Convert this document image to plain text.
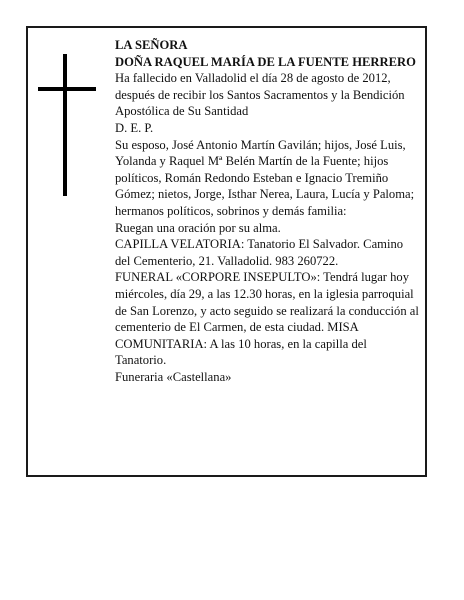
LA SEÑORA

DOÑA RAQUEL MARÍA DE LA FUENTE HERRERO

Ha fallecido en Valladolid el día 28 de agosto de 2012, después de recibir los Santos Sacramentos y la Bendición Apostólica de Su Santidad

D. E. P.

Su esposo, José Antonio Martín Gavilán; hijos, José Luis, Yolanda y Raquel Mª Belén Martín de la Fuente; hijos políticos, Román Redondo Esteban e Ignacio Tremiño Gómez; nietos, Jorge, Isthar Nerea, Laura, Lucía y Paloma; hermanos políticos, sobrinos y demás familia:

Ruegan una oración por su alma.

CAPILLA VELATORIA: Tanatorio El Salvador. Camino del Cementerio, 21. Valladolid. 983 260722.

FUNERAL «CORPORE INSEPULTO»: Tendrá lugar hoy miércoles, día 29, a las 12.30 horas, en la iglesia parroquial de San Lorenzo, y acto seguido se realizará la conducción al cementerio de El Carmen, de esta ciudad. MISA COMUNITARIA: A las 10 horas, en la capilla del Tanatorio.

Funeraria «Castellana»
